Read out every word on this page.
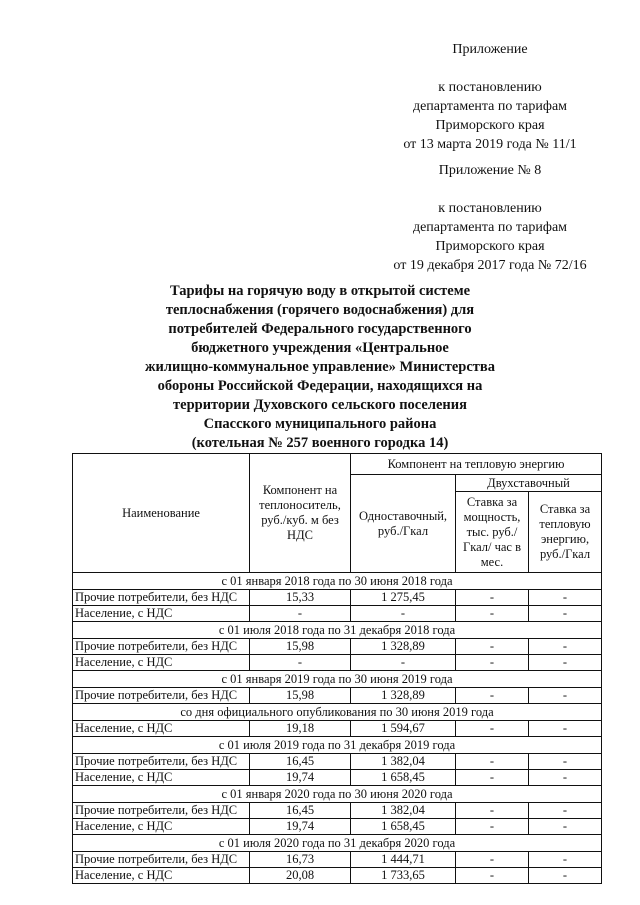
Приложение
к постановлению
департамента по тарифам
Приморского края
от 13 марта 2019 года № 11/1
Приложение № 8
к постановлению
департамента по тарифам
Приморского края
от 19 декабря 2017 года № 72/16
Тарифы на горячую воду в открытой системе
теплоснабжения (горячего водоснабжения) для
потребителей Федерального государственного
бюджетного учреждения «Центральное
жилищно-коммунальное управление» Министерства
обороны Российской Федерации, находящихся на
территории Духовского сельского поселения
Спасского муниципального района
(котельная № 257 военного городка 14)
Наименование	Компонент на теплоноситель, руб./куб. м без НДС	Компонент на тепловую энергию		
		Одноставочный, руб./Гкал	Двухставочный	
			Ставка за мощность, тыс. руб./Гкал/ час в мес.	Ставка за тепловую энергию, руб./Гкал
с 01 января 2018 года по 30 июня 2018 года				
Прочие потребители, без НДС	15,33	1 275,45	-	-
Население, с НДС	-	-	-	-
с 01 июля 2018 года по 31 декабря 2018 года				
Прочие потребители, без НДС	15,98	1 328,89	-	-
Население, с НДС	-	-	-	-
с 01 января 2019 года по 30 июня 2019 года				
Прочие потребители, без НДС	15,98	1 328,89	-	-
со дня официального опубликования по 30 июня 2019 года				
Население, с НДС	19,18	1 594,67	-	-
с 01 июля 2019 года по 31 декабря 2019 года				
Прочие потребители, без НДС	16,45	1 382,04	-	-
Население, с НДС	19,74	1 658,45	-	-
с 01 января 2020 года по 30 июня 2020 года				
Прочие потребители, без НДС	16,45	1 382,04	-	-
Население, с НДС	19,74	1 658,45	-	-
с 01 июля 2020 года по 31 декабря 2020 года				
Прочие потребители, без НДС	16,73	1 444,71	-	-
Население, с НДС	20,08	1 733,65	-	-
